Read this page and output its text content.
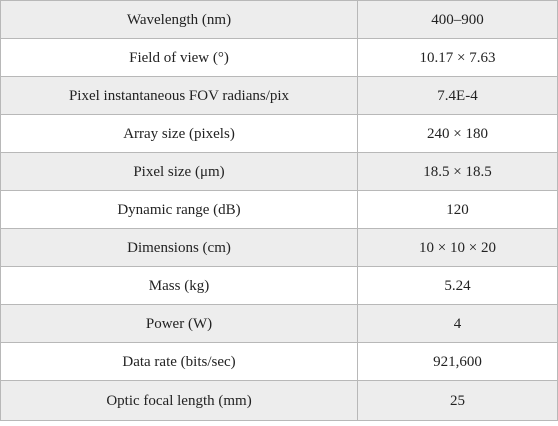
Wavelength (nm)	400–900
Field of view (°)	10.17 × 7.63
Pixel instantaneous FOV radians/pix	7.4E-4
Array size (pixels)	240 × 180
Pixel size (μm)	18.5 × 18.5
Dynamic range (dB)	120
Dimensions (cm)	10 × 10 × 20
Mass (kg)	5.24
Power (W)	4
Data rate (bits/sec)	921,600
Optic focal length (mm)	25
